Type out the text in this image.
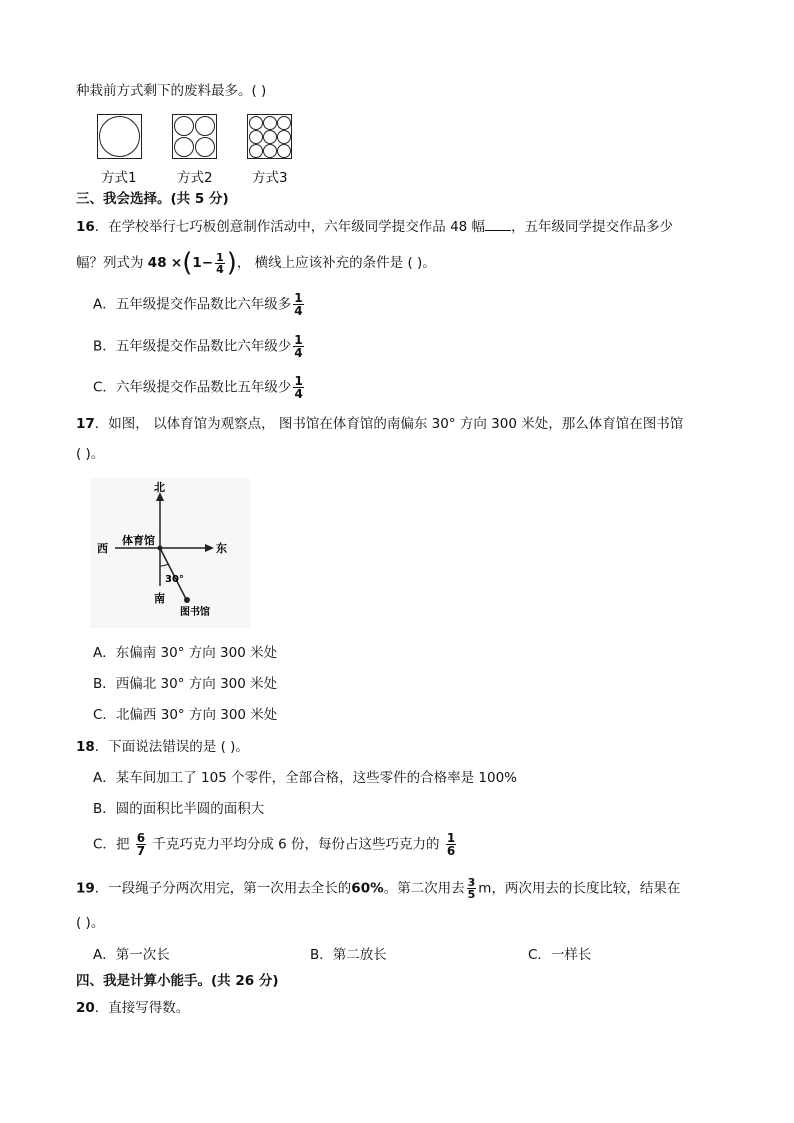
种栽前方式剩下的废料最多。( )
方式1	方式2	方式3
三、我会选择。(共 5 分)
16．在学校举行七巧板创意制作活动中，六年级同学提交作品 48 幅 ，五年级同学提交作品多少
幅？列式为 $48 \times(1- \frac{1}{4}$ )， 横线上应该补充的条件是 ( )。
A．五年级提交作品数比六年级多 $\frac{1}{4}$
B．五年级提交作品数比六年级少 $\frac{1}{4}$
C．六年级提交作品数比五年级少 $\frac{1}{4}$
17．如图， 以体育馆为观察点， 图书馆在体育馆的南偏东 30° 方向 300 米处，那么体育馆在图书馆
( )。
北
南
西	东
体育馆
图书馆
30°
A．东偏南 30° 方向 300 米处
B．西偏北 30° 方向 300 米处
C．北偏西 30° 方向 300 米处
18．下面说法错误的是 ( )。
A．某车间加工了 105 个零件，全部合格，这些零件的合格率是 100%
B．圆的面积比半圆的面积大
C．把 $\frac{6}{7}$ 千克巧克力平均分成 6 份，每份占这些巧克力的 $\frac{1}{6}$
19．一段绳子分两次用完，第一次用去全长的60%。第二次用去 $\frac{3}{5}$ m，两次用去的长度比较，结果在
( )。
A．第一次长	B．第二放长	C．一样长
四、我是计算小能手。(共 26 分)
20．直接写得数。
